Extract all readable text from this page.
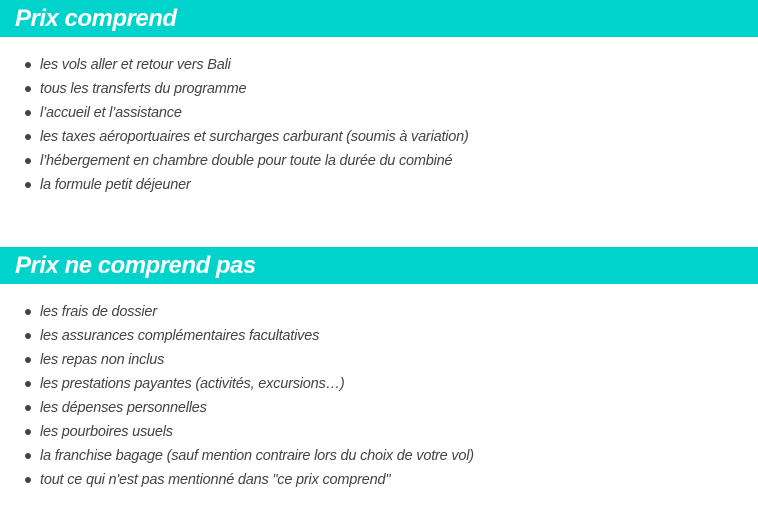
Prix comprend
les vols aller et retour vers Bali
tous les transferts du programme
l’accueil et l’assistance
les taxes aéroportuaires et surcharges carburant (soumis à variation)
l’hébergement en chambre double pour toute la durée du combiné
la formule petit déjeuner
Prix ne comprend pas
les frais de dossier
les assurances complémentaires facultatives
les repas non inclus
les prestations payantes (activités, excursions…)
les dépenses personnelles
les pourboires usuels
la franchise bagage (sauf mention contraire lors du choix de votre vol)
tout ce qui n'est pas mentionné dans "ce prix comprend"
